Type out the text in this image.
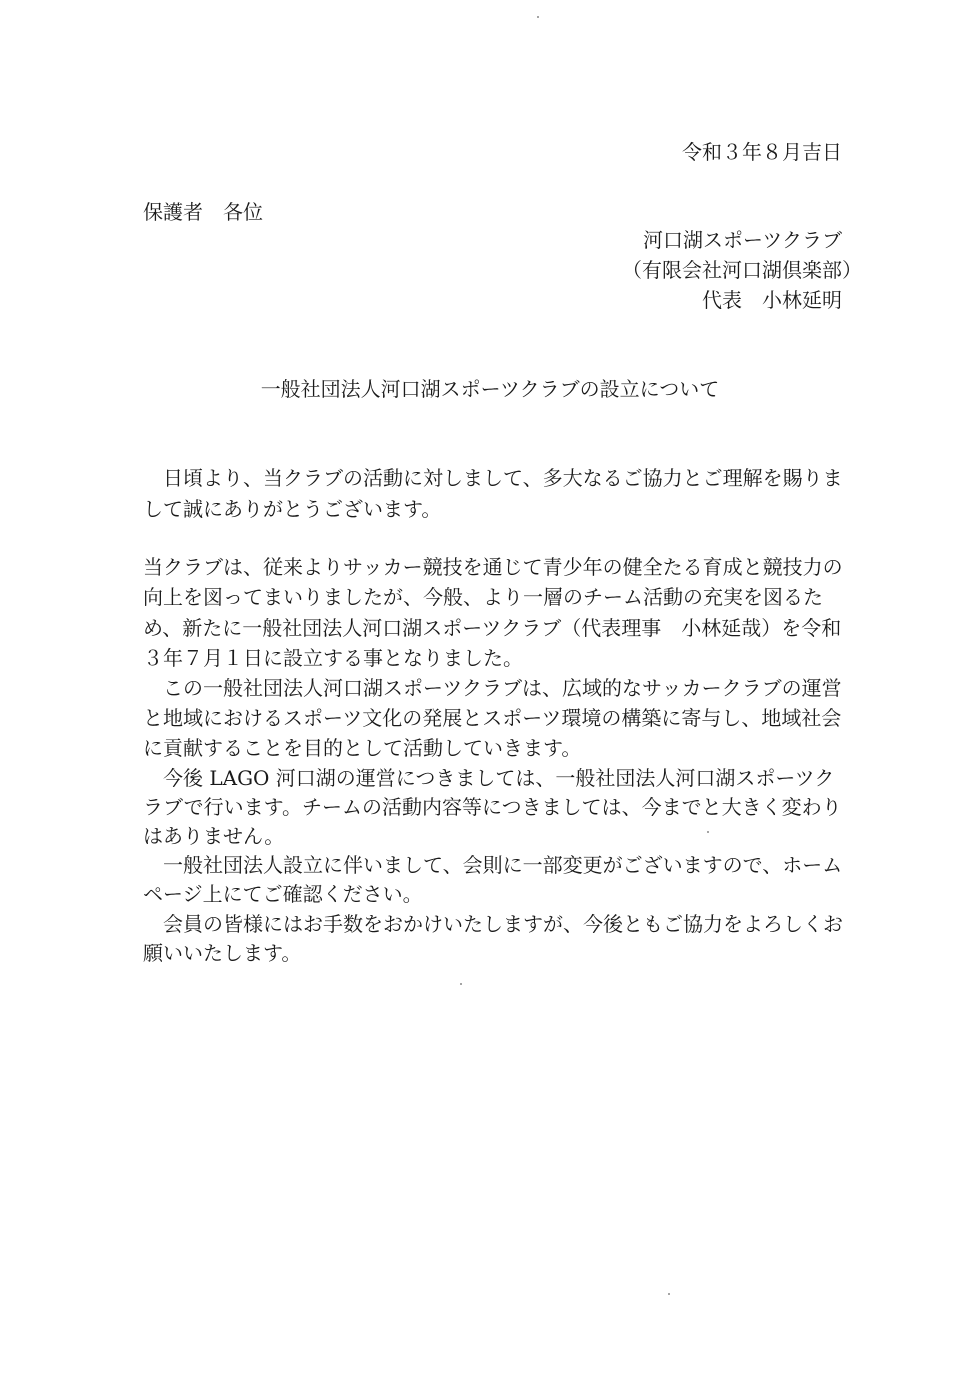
令和３年８月吉日
保護者　各位
河口湖スポーツクラブ
（有限会社河口湖倶楽部）
代表　小林延明
一般社団法人河口湖スポーツクラブの設立について
　日頃より、当クラブの活動に対しまして、多大なるご協力とご理解を賜りま
して誠にありがとうございます。
当クラブは、従来よりサッカー競技を通じて青少年の健全たる育成と競技力の
向上を図ってまいりましたが、今般、より一層のチーム活動の充実を図るた
め、新たに一般社団法人河口湖スポーツクラブ（代表理事　小林延哉）を令和
３年７月１日に設立する事となりました。
　この一般社団法人河口湖スポーツクラブは、広域的なサッカークラブの運営
と地域におけるスポーツ文化の発展とスポーツ環境の構築に寄与し、地域社会
に貢献することを目的として活動していきます。
　今後 LAGO 河口湖の運営につきましては、一般社団法人河口湖スポーツク
ラブで行います。チームの活動内容等につきましては、今までと大きく変わり
はありません。
　一般社団法人設立に伴いまして、会則に一部変更がございますので、ホーム
ページ上にてご確認ください。
　会員の皆様にはお手数をおかけいたしますが、今後ともご協力をよろしくお
願いいたします。
